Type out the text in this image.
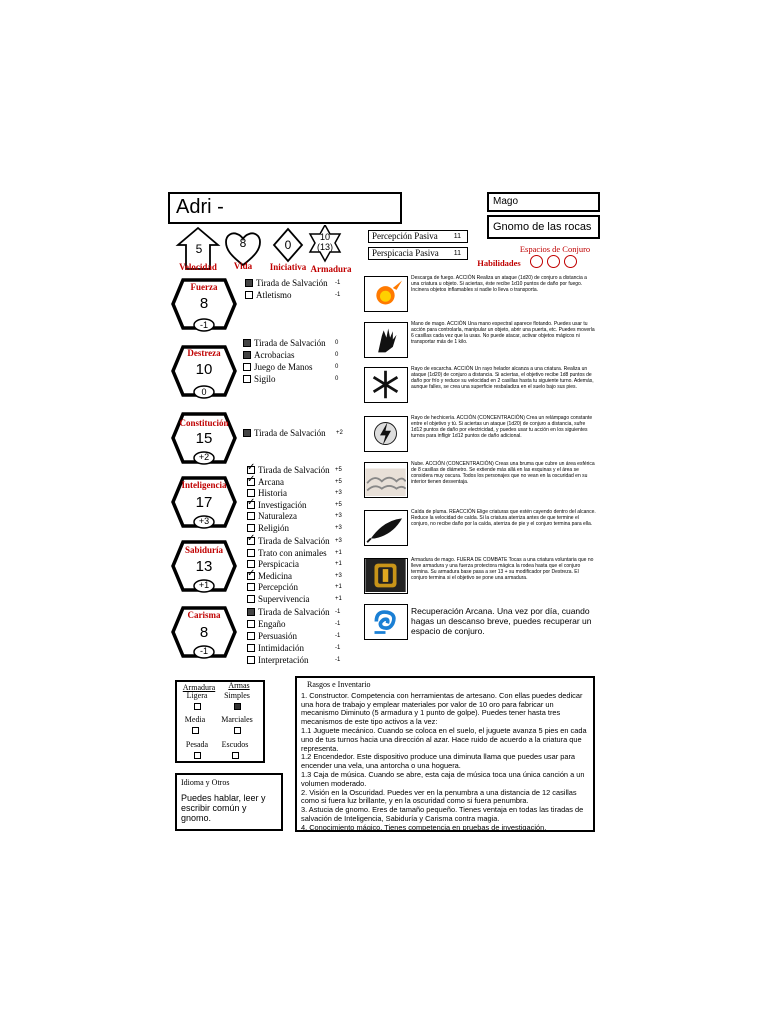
Adri -	Mago
Gnomo de las rocas
5	8	0
10
(13)
Velocidad	Vida	Iniciativa Armadura
Percepción Pasiva 11
Perspicacia Pasiva 11	Espacios de Conjuro
Habilidades
Fuerza
8
-1
Destreza
10
0
Constitución
15
+2
Inteligencia
17
+3
Sabiduría
13
+1
Carisma
8
-1
Tirada de Salvación -1
Atletismo	-1
Tirada de Salvación 0
Acrobacias	0
Juego de Manos	0
Sigilo	0
Tirada de Salvación +2
✓Tirada de Salvación +5
✓Arcana	+5
Historia	+3
✓Investigación	+5
Naturaleza	+3
Religión	+3
✓Tirada de Salvación +3
Trato con animales +1
Perspicacia	+1
✓Medicina	+3
Percepción	+1
Supervivencia	+1
Tirada de Salvación -1
Engaño	-1
Persuasión	-1
Intimidación	-1
Interpretación	-1
Descarga de fuego. ACCIÓN Realiza un ataque (1d20) de conjuro a distancia a una criatura u objeto. Si aciertas, éste recibe 1d10 puntos de daño por fuego. Incinera objetos inflamables si nadie lo lleva o transporta.
Mano de mago. ACCIÓN Una mano espectral aparece flotando. Puedes usar tu acción para controlarla, manipular un objeto, abrir una puerta, etc. Puedes moverla 6 casillas cada vez que la usas. No puede atacar, activar objetos mágicos ni transportar más de 1 kilo.
Rayo de escarcha. ACCIÓN Un rayo helador alcanza a una criatura. Realiza un ataque (1d20) de conjuro a distancia. Si aciertas, el objetivo recibe 1d8 puntos de daño por frío y reduce su velocidad en 2 casillas hasta tu siguiente turno. Además, aunque falles, se crea una superficie resbaladiza en el suelo bajo sus pies.
Rayo de hechicería. ACCIÓN (CONCENTRACIÓN) Crea un relámpago constante entre el objetivo y tú. Si aciertas un ataque (1d20) de conjuro a distancia, sufre 1d12 puntos de daño por electricidad, y puedes usar tu acción en los siguientes turnos para infligir 1d12 puntos de daño adicional.
Nube. ACCIÓN (CONCENTRACIÓN) Creas una bruma que cubre un área esférica de 8 casillas de diámetro. Se extiende más allá en las esquinas y el área se considera muy oscura. Todos los personajes que no vean en la oscuridad en su interior tienen desventaja.
Caída de pluma. REACCIÓN Elige criaturas que estén cayendo dentro del alcance. Reduce la velocidad de caída. Si la criatura aterriza antes de que termine el conjuro, no recibe daño por la caída, aterriza de pie y el conjuro termina para ella.
Armadura de mago. FUERA DE COMBATE Tocas a una criatura voluntaria que no lleve armadura y una fuerza protectora mágica la rodea hasta que el conjuro termina. Su armadura base pasa a ser 13 + su modificador por Destreza. El conjuro termina si el objetivo se pone una armadura.
Recuperación Arcana. Una vez por día, cuando hagas un descanso breve, puedes recuperar un espacio de conjuro.
Armadura	Armas
Ligera	Simples
Media	Marciales
Pesada	Escudos
Idioma y Otros
Puedes hablar, leer y escribir común y gnomo.
Rasgos e Inventario
1. Constructor. Competencia con herramientas de artesano. Con ellas puedes dedicar una hora de trabajo y emplear materiales por valor de 10 oro para fabricar un mecanismo Diminuto (5 armadura y 1 punto de golpe). Puedes tener hasta tres mecanismos de este tipo activos a la vez:
1.1 Juguete mecánico. Cuando se coloca en el suelo, el juguete avanza 5 pies en cada uno de tus turnos hacia una dirección al azar. Hace ruido de acuerdo a la criatura que representa.
1.2 Encendedor. Este dispositivo produce una diminuta llama que puedes usar para encender una vela, una antorcha o una hoguera.
1.3 Caja de música. Cuando se abre, esta caja de música toca una única canción a un volumen moderado.
2. Visión en la Oscuridad. Puedes ver en la penumbra a una distancia de 12 casillas como si fuera luz brillante, y en la oscuridad como si fuera penumbra.
3. Astucia de gnomo. Eres de tamaño pequeño. Tienes ventaja en todas las tiradas de salvación de Inteligencia, Sabiduría y Carisma contra magia.
4. Conocimiento mágico. Tienes competencia en pruebas de investigación.
